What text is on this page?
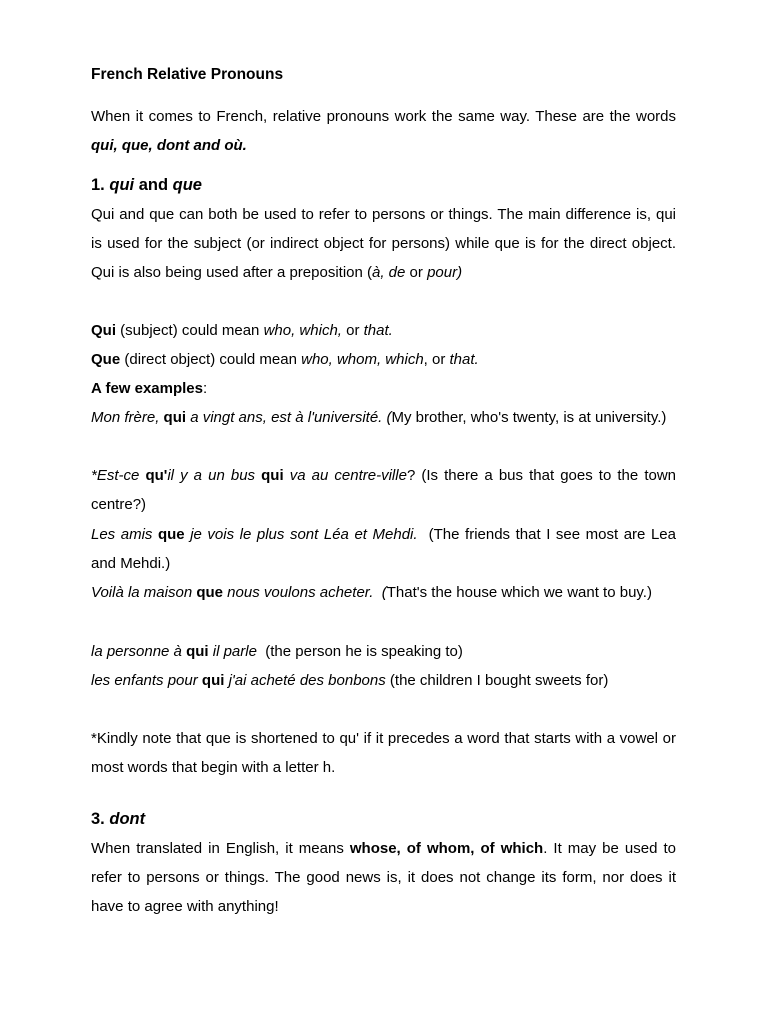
French Relative Pronouns
When it comes to French, relative pronouns work the same way. These are the words qui, que, dont and où.
1. qui and que
Qui and que can both be used to refer to persons or things. The main difference is, qui is used for the subject (or indirect object for persons) while que is for the direct object. Qui is also being used after a preposition (à, de or pour)
Qui (subject) could mean who, which, or that.
Que (direct object) could mean who, whom, which, or that.
A few examples:
Mon frère, qui a vingt ans, est à l'université. (My brother, who's twenty, is at university.)
*Est-ce qu'il y a un bus qui va au centre-ville? (Is there a bus that goes to the town centre?)
Les amis que je vois le plus sont Léa et Mehdi.  (The friends that I see most are Lea and Mehdi.)
Voilà la maison que nous voulons acheter.  (That's the house which we want to buy.)
la personne à qui il parle  (the person he is speaking to)
les enfants pour qui j'ai acheté des bonbons (the children I bought sweets for)
*Kindly note that que is shortened to qu' if it precedes a word that starts with a vowel or most words that begin with a letter h.
3. dont
When translated in English, it means whose, of whom, of which. It may be used to refer to persons or things. The good news is, it does not change its form, nor does it have to agree with anything!
